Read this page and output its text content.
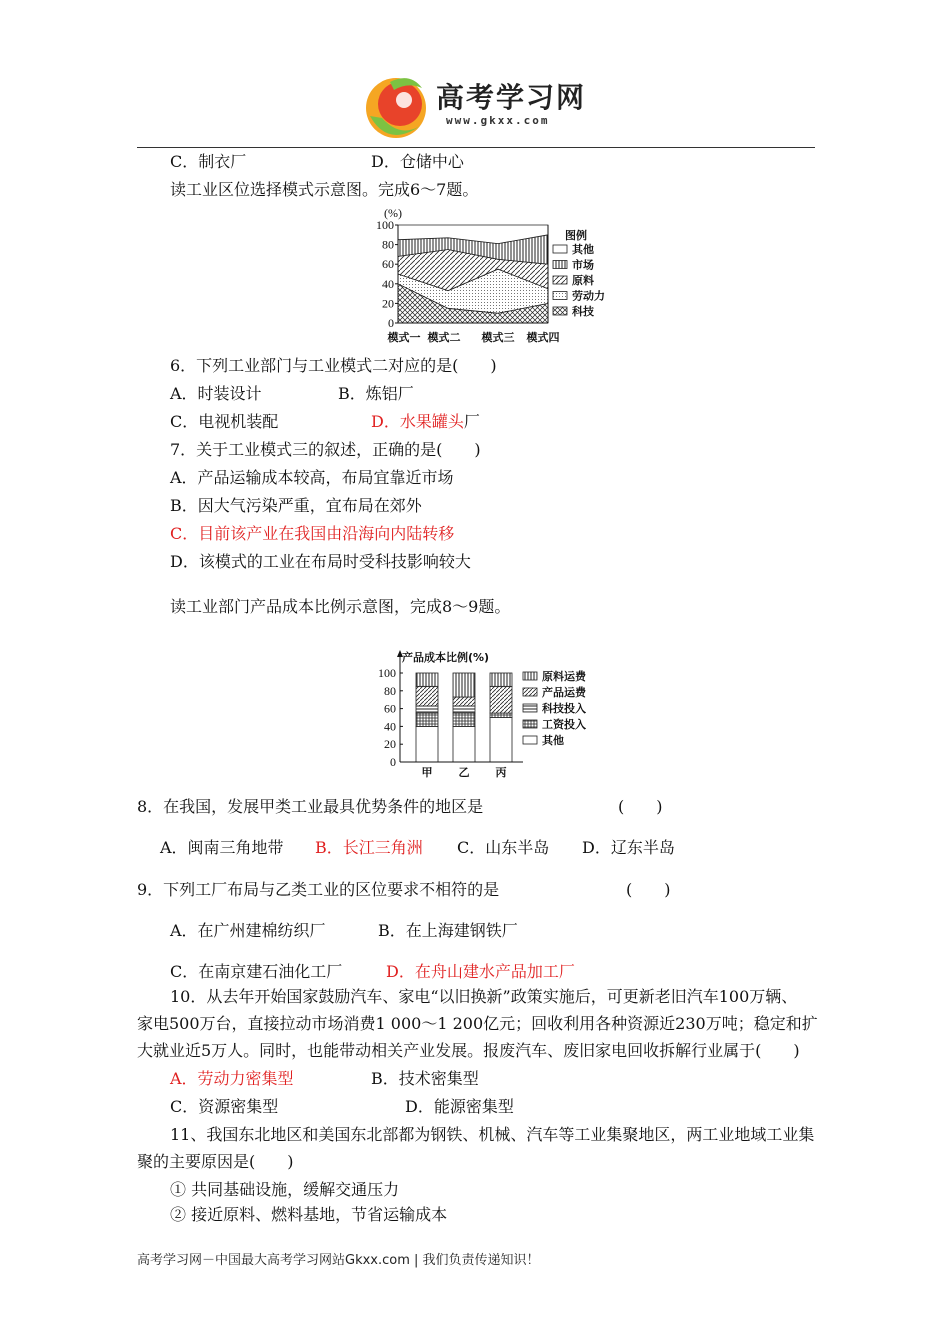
高考学习网
www.gkxx.com
C．制衣厂	D．仓储中心
读工业区位选择模式示意图。完成6～7题。
0
20
40
60
80
100
(%)
模式一 模式二 模式三 模式四
图例
其他
市场
原料
劳动力
科技
6．下列工业部门与工业模式二对应的是(　　)
A．时装设计	B．炼铝厂
C．电视机装配	D．水果罐头厂
7．关于工业模式三的叙述，正确的是(　　)
A．产品运输成本较高，布局宜靠近市场
B．因大气污染严重，宜布局在郊外
C．目前该产业在我国由沿海向内陆转移
D．该模式的工业在布局时受科技影响较大
读工业部门产品成本比例示意图，完成8～9题。
甲 乙 丙
0
20
40
60
80
100
产品成本比例(%)
原料运费
产品运费
科技投入
工资投入
其他
8．在我国，发展甲类工业最具优势条件的地区是	(　　)
A．闽南三角地带 B．长江三角洲 C．山东半岛 D．辽东半岛
9．下列工厂布局与乙类工业的区位要求不相符的是	(　　)
A．在广州建棉纺织厂	B．在上海建钢铁厂
C．在南京建石油化工厂	D．在舟山建水产品加工厂
10．从去年开始国家鼓励汽车、家电“以旧换新”政策实施后，可更新老旧汽车100万辆、
家电500万台，直接拉动市场消费1 000～1 200亿元；回收利用各种资源近230万吨；稳定和扩
大就业近5万人。同时，也能带动相关产业发展。报废汽车、废旧家电回收拆解行业属于(　　)
A．劳动力密集型	B．技术密集型
C．资源密集型	D．能源密集型
11、我国东北地区和美国东北部都为钢铁、机械、汽车等工业集聚地区，两工业地域工业集
聚的主要原因是(　　)
① 共同基础设施，缓解交通压力
② 接近原料、燃料基地，节省运输成本
高考学习网－中国最大高考学习网站Gkxx.com | 我们负责传递知识！
